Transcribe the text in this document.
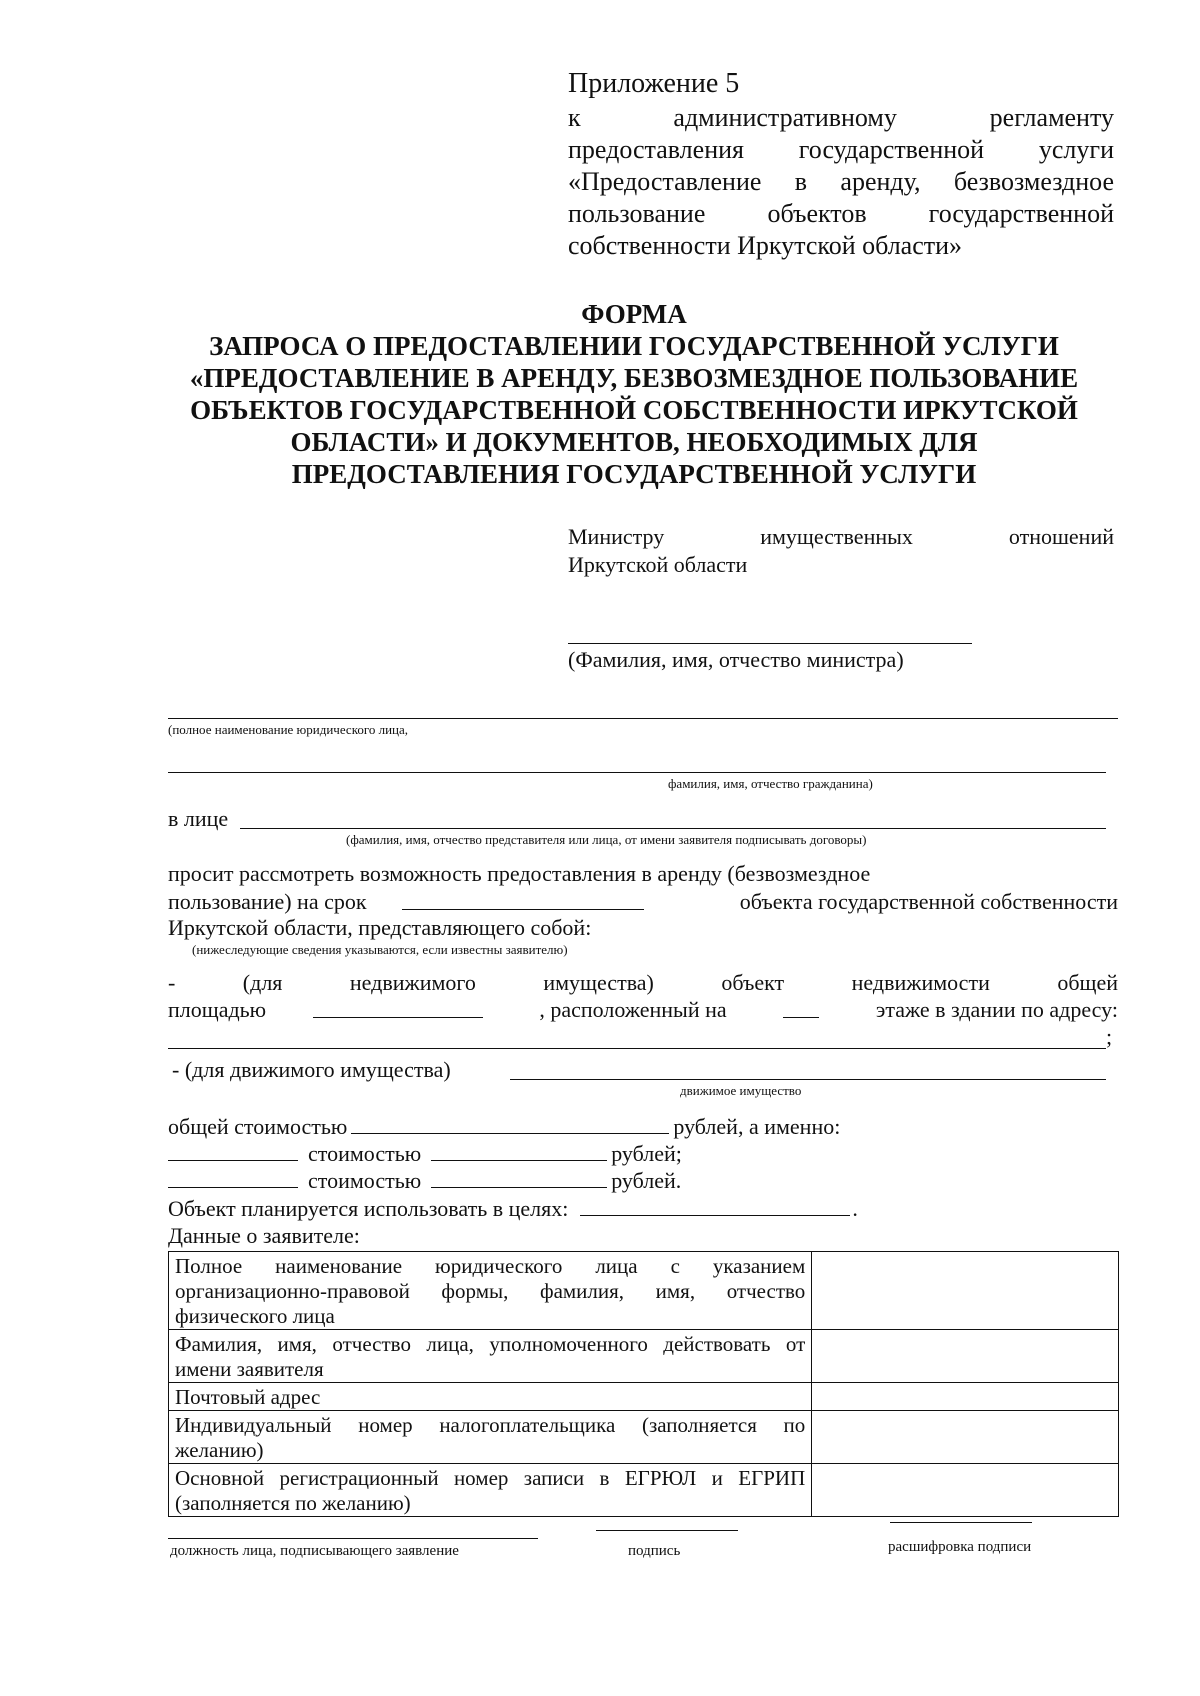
Приложение 5
к административному регламенту
предоставления государственной услуги
«Предоставление в аренду, безвозмездное
пользование объектов государственной
собственности Иркутской области»
ФОРМА
ЗАПРОСА О ПРЕДОСТАВЛЕНИИ ГОСУДАРСТВЕННОЙ УСЛУГИ
«ПРЕДОСТАВЛЕНИЕ В АРЕНДУ, БЕЗВОЗМЕЗДНОЕ ПОЛЬЗОВАНИЕ
ОБЪЕКТОВ ГОСУДАРСТВЕННОЙ СОБСТВЕННОСТИ ИРКУТСКОЙ
ОБЛАСТИ» И ДОКУМЕНТОВ, НЕОБХОДИМЫХ ДЛЯ
ПРЕДОСТАВЛЕНИЯ ГОСУДАРСТВЕННОЙ УСЛУГИ
Министру имущественных отношений
Иркутской области
(Фамилия, имя, отчество министра)
(полное наименование юридического лица,
фамилия, имя, отчество гражданина)
в лице
(фамилия, имя, отчество представителя или лица, от имени заявителя подписывать договоры)
просит рассмотреть возможность предоставления в аренду (безвозмездное
пользование) на срок	объекта государственной собственности
Иркутской области, представляющего собой:
(нижеследующие сведения указываются, если известны заявителю)
- (для недвижимого имущества) объект недвижимости общей
площадью	, расположенный на	этаже в здании по адресу:
;
- (для движимого имущества)
движимое имущество
общей стоимостью	рублей, а именно:
стоимостью	рублей;
стоимостью	рублей.
Объект планируется использовать в целях:	.
Данные о заявителе:
Полное наименование юридического лица с указанием организационно-правовой формы, фамилия, имя, отчество физического лица	
Фамилия, имя, отчество лица, уполномоченного действовать от имени заявителя	
Почтовый адрес	
Индивидуальный номер налогоплательщика (заполняется по желанию)	
Основной регистрационный номер записи в ЕГРЮЛ и ЕГРИП (заполняется по желанию)	
должность лица, подписывающего заявление	подпись	расшифровка подписи
